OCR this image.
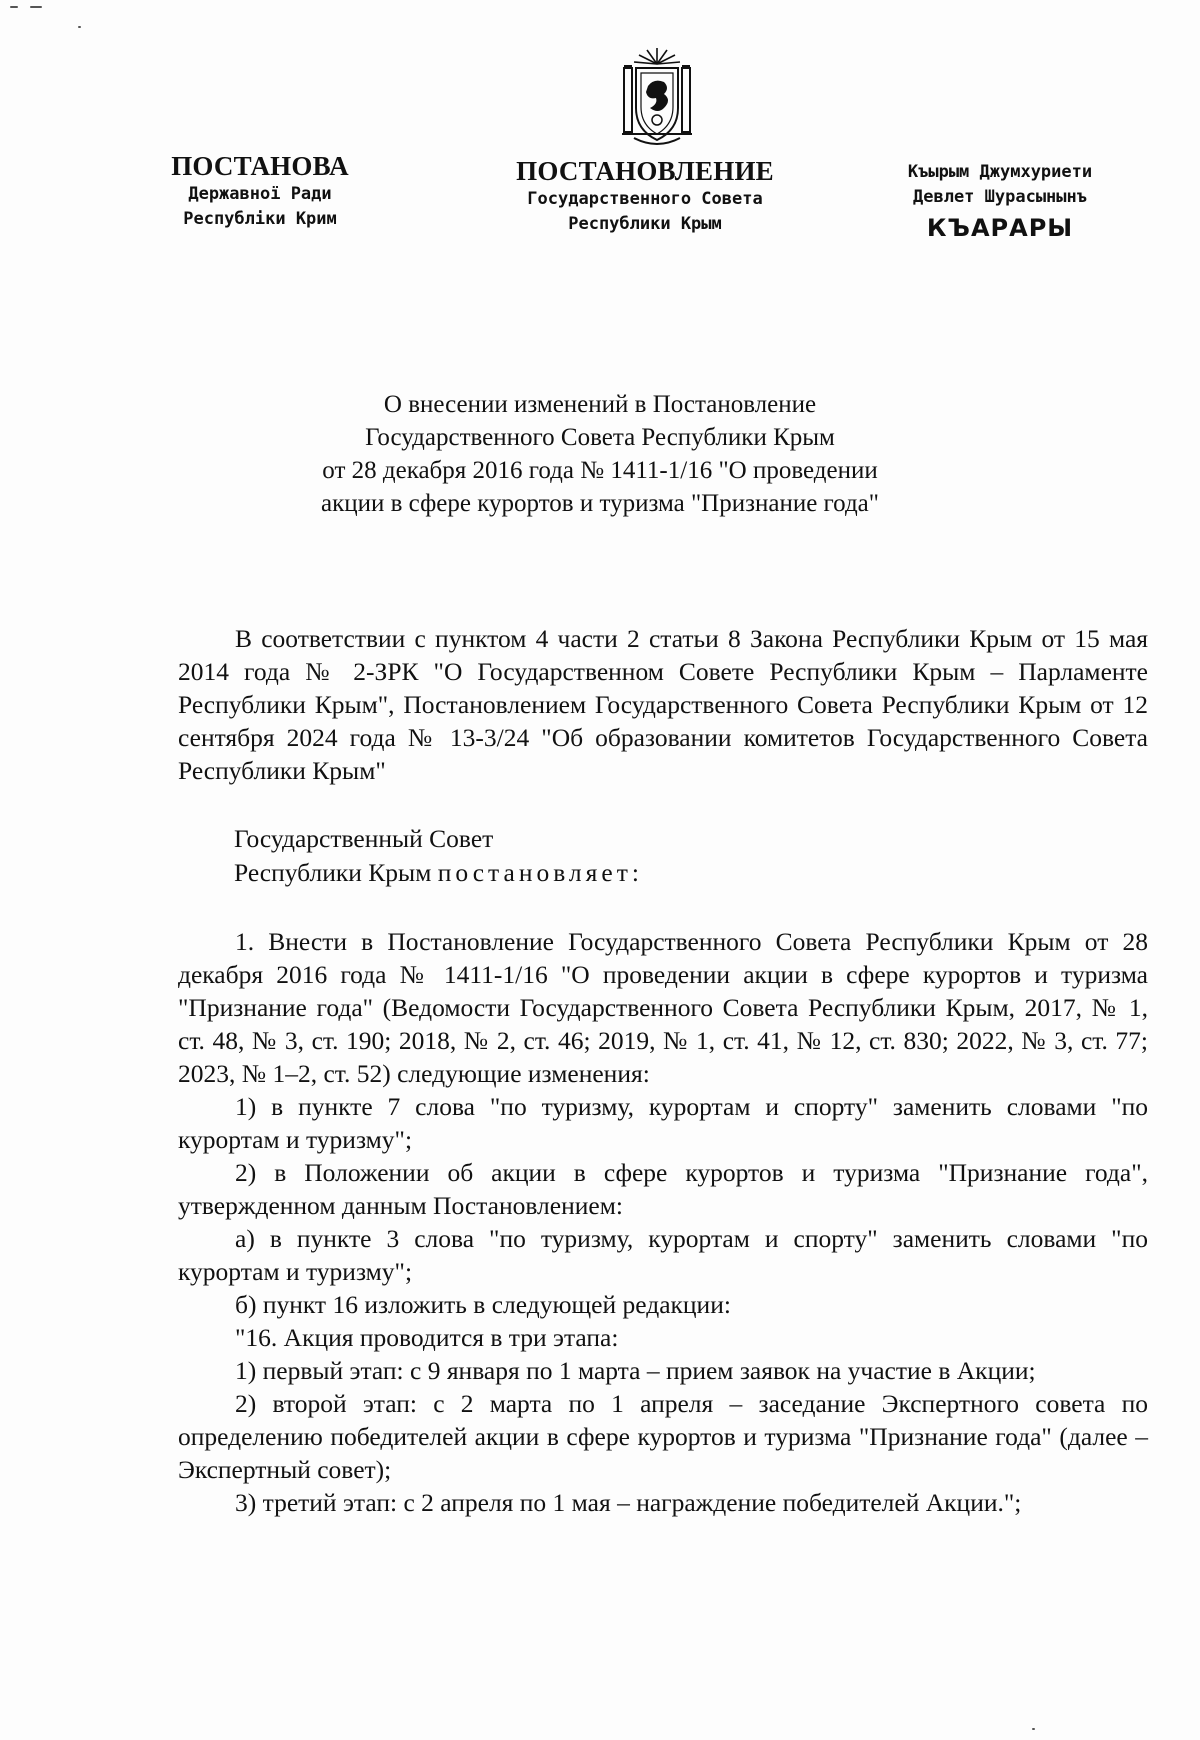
ПОСТАНОВА
Державної Ради
Республіки Крим
ПОСТАНОВЛЕНИЕ
Государственного Совета
Республики Крым
Къырым Джумхуриети
Девлет Шурасынынъ
КЪАРАРЫ
О внесении изменений в Постановление
Государственного Совета Республики Крым
от 28 декабря 2016 года № 1411-1/16 "О проведении
акции в сфере курортов и туризма "Признание года"

В соответствии с пунктом 4 части 2 статьи 8 Закона Республики Крым от 15 мая 2014 года № 2-ЗРК "О Государственном Совете Республики Крым – Парламенте Республики Крым", Постановлением Государственного Совета Республики Крым от 12 сентября 2024 года № 13-3/24 "Об образовании комитетов Государственного Совета Республики Крым"

Государственный Совет
Республики Крым постановляет:

1. Внести в Постановление Государственного Совета Республики Крым от 28 декабря 2016 года № 1411-1/16 "О проведении акции в сфере курортов и туризма "Признание года" (Ведомости Государственного Совета Республики Крым, 2017, № 1, ст. 48, № 3, ст. 190; 2018, № 2, ст. 46; 2019, № 1, ст. 41, № 12, ст. 830; 2022, № 3, ст. 77; 2023, № 1–2, ст. 52) следующие изменения:

1) в пункте 7 слова "по туризму, курортам и спорту" заменить словами "по курортам и туризму";

2) в Положении об акции в сфере курортов и туризма "Признание года", утвержденном данным Постановлением:

а) в пункте 3 слова "по туризму, курортам и спорту" заменить словами "по курортам и туризму";

б) пункт 16 изложить в следующей редакции:

"16. Акция проводится в три этапа:

1) первый этап: с 9 января по 1 марта – прием заявок на участие в Акции;

2) второй этап: с 2 марта по 1 апреля – заседание Экспертного совета по определению победителей акции в сфере курортов и туризма "Признание года" (далее – Экспертный совет);

3) третий этап: с 2 апреля по 1 мая – награждение победителей Акции.";
